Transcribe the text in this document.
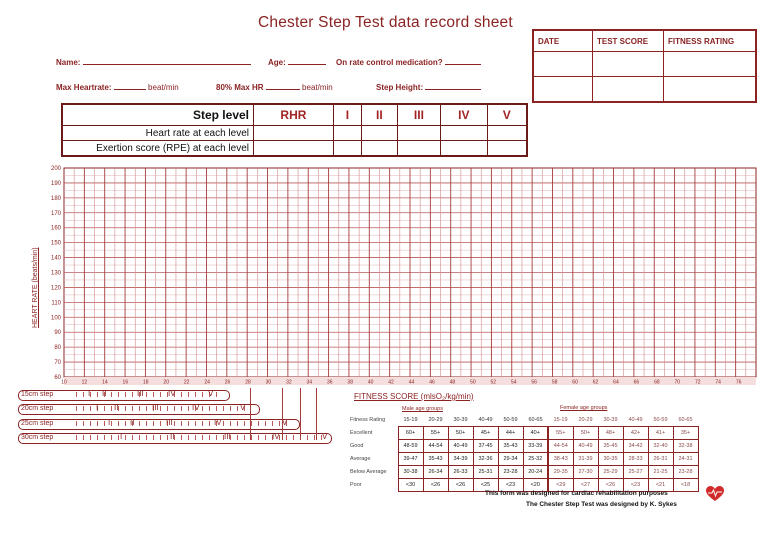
Chester Step Test data record sheet
Name:	Age:	On rate control medication?
Max Heartrate:	beat/min	80% Max HR	beat/min	Step Height:
DATE	TEST SCORE	FITNESS RATING

Step level	RHR	I	II	III	IV	V
Heart rate at each level						
Exertion score (RPE) at each level						
HEART RATE (beats/min)
200
190
180
170
160
150
140
130
120
110
100
90
80
70
60
10	12	14	16	18	20	22	24	26	28	30	32	34	36	38	40	42	44	46	48	50	52	54	56	58	60	62	64	66	68	70	72	74	76
15cm step	I II	III	IV	V
20cm step	I II	III	IV	V
25cm step	I II	III	IV	V
30cm step	I	II	III	IV	V
FITNESS SCORE (mlsO₂/kg/min)
Male age groups	Female age groups
Fitness Rating	15-19	20-29	30-39	40-49	50-59	60-65	15-19	20-29	30-39	40-49	50-59	60-65
Excellent	60+	55+	50+	45+	44+	40+	55+	50+	48+	42+	41+	35+
Good	48-59	44-54	40-49	37-45	35-43	33-39	44-54	40-49	35-45	34-42	32-40	32-38
Average	39-47	35-43	34-39	32-36	29-34	25-32	38-43	31-39	30-35	28-33	26-31	24-31
Below Average	30-38	26-34	26-33	25-31	23-28	20-24	29-35	27-30	25-29	25-27	21-25	23-28
Poor	<30	<26	<26	<25	<23	<20	<29	<27	<26	<23	<21	<18
This form was designed for cardiac rehabilitation purposes
The Chester Step Test was designed by K. Sykes
